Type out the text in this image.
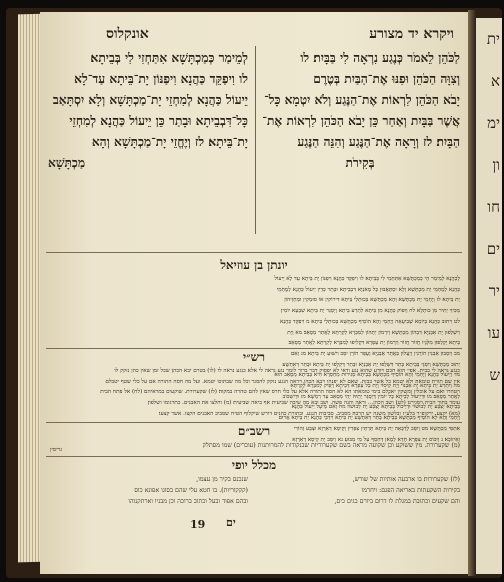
ויקרא יד מצורע
אונקלוס
לַכֹּהֵן לֵאמֹר כְּנֶגַע נִרְאָה לִי בַּבָּיִת׃ לו
וְצִוָּה הַכֹּהֵן וּפִנּוּ אֶת־הַבַּיִת בְּטֶרֶם
יָבֹא הַכֹּהֵן לִרְאוֹת אֶת־הַנֶּגַע וְלֹא יִטְמָא כָּל־
אֲשֶׁר בַּבָּיִת וְאַחַר כֵּן יָבֹא הַכֹּהֵן לִרְאוֹת אֶת־
הַבָּיִת׃ לז וְרָאָה אֶת־הַנֶּגַע וְהִנֵּה הַנֶּגַע
בְּקִירֹת
לְמֵימַר כְּמַכְתָּשָׁא אִתַּחְזִי לִי בְּבֵיתָא׃
לו וִיפַקֵּד כַּהֲנָא וִיפַנּוֹן יָת־בֵּיתָא עַד־לָא
יֵיעוֹל כַּהֲנָא לְמִחְזֵי יָת־מַכְתָּשָׁא וְלָא יִסְתָּאַב
כָּל־דִּבְבֵיתָא וּבָתַר כֵּן יֵיעוֹל כַּהֲנָא לְמִחְזֵי
יָת־בֵּיתָא׃ לז וְיֶחֱזֵי יָת־מַכְתָּשָׁא וְהָא
מַכְתָּשָׁא
יונתן בן עוזיאל
לְכַהֲנָא לְמֵימַר הֵי כְמַכְתָּשָׁא אִתַּחְמֵי לִי בְּבֵיתָא׃ לו וִיפַקֵּד כַּהֲנָא וִיפַנּוֹן יָת בֵּיתָא עַד לָא יֵיעוֹל
כַּהֲנָא לְמֶחְמֵי יָת מַכְתָּשָׁא וְלָא יִסְתָּאֲבוּן כָּל מָאנַיָּא דִּבְבֵיתָא וּבָתַר כְּדֵין יֵיעוֹל כַּהֲנָא לְמֶחְמֵי
יָת בֵּיתָא׃ לז וְיֶחְמֵי יָת מַכְתָּשָׁא וְהָא מַכְתָּשָׁא בְּכוּתְלֵי בֵּיתָא דִּירוֹקִין אוֹ סוּמְקִין וּמַחְזֵיהוֹן
מַכִּיךְ יַתִּיר מִן כּוּתְלָא׃ לח וְיִפּוֹק כַּהֲנָא מִן בֵּיתָא לִתְרַע בֵּיתָא וְיַסְגַּר יָת בֵּיתָא שִׁבְעָא יוֹמִין׃
לט וִיתוּב כַּהֲנָא בְּיוֹמָא שְׁבִיעָאָה וְיֶחְמֵי וְהָא הוֹסֵיף מַכְתָּשָׁא בְּכוּתְלֵי בֵּיתָא׃ מ וִיפַקֵּד כַּהֲנָא
וִישַׁלְפוּן יָת אַבְנַיָּא דִּבְהוֹן מַכְתָּשָׁא וְיִרְמוֹן יַתְהוֹן לְמִבַּרָא לְקַרְתָּא לַאֲתַר מְסָאַב׃ מא וְיָת
בֵּיתָא יְקַלְפוּן מִלְּגָיו חֲזוֹר חֲזוֹר וְיִרְמוֹן יָת עַפְרָא דִּקְלִיפוּ לְמִבַּרָא לְקַרְתָּא לַאֲתַר מְסָאַב׃
מב וְיִסְבוּן אַבְנִין חוֹרָנִין וְיַעֲלוּן בַּאֲתַר אַבְנַיָּא וַעֲפַר חוֹרָן יִסַּב וִישׁוּעַ יָת בֵּיתָא׃ מג וְאִם
יְתוּב מַכְתָּשָׁא וְיִסְגֵּי בְּבֵיתָא בָּתַר דִּשְׁלַפוּ יָת אַבְנַיָּא וּבָתַר דְּקַלְפוּ יָת בֵּיתָא וּבָתַר דְּאִתְשָׁע׃
מד וְיֵיעוֹל כַּהֲנָא וְיֶחְמֵי וְהָא הוֹסֵיף מַכְתָּשָׁא בְּבֵיתָא סְגִירוּת מְחַסְרָא הִיא בְּבֵיתָא מְסָאַב הוּא׃
מה וְיִתְרַע יָת בֵּיתָא יָת אַבְנוֹי וְיָת קֵיסוֹי וְיָת כָּל עַפְרָא דְּבֵיתָא וְיַפֵּיק לְמִבַּרָא לְקַרְתָּא
לַאֲתַר מְסָאַב׃ מו וּדְיֵיעוֹל לְבֵיתָא כָּל יוֹמִין דְּיַסְגַּר יָתֵיהּ יְהֵי מְסָאַב עַד רַמְשָׁא׃ מז וּדְיִשְׁכּוֹב
בְּבֵיתָא יְצַבַּע יָת לְבוּשׁוֹי וּדְיֵיכוֹל בְּבֵיתָא יְצַבַּע יָת לְבוּשׁוֹי׃ מח וְאִם מֵיעָל יֵיעוֹל כַּהֲנָא
וְיֶחְמֵי וְהָא לָא הוֹסֵיף מַכְתָּשָׁא בְּבֵיתָא בָּתַר דְּאִתְשָׁע יָת בֵּיתָא וִידַכֵּי כַּהֲנָא יָת בֵּיתָא אֲרוּם
אִתַּסֵּי מַכְתָּשָׁא׃ מט וְיִסַּב לְדַכָּאָה יָת בֵּיתָא תַּרְתֵּין צִפְּרִין וְקֵיסָא דְאַרְזָא וּצְבַע זְהוֹרִי
וְאֵיזוֹבָא׃ נ וְיִכּוֹס יָת צִפְּרָא חֲדָא לְמָאן דְּחַסַף עַל מֵי מַבּוּעַ׃ נא וְיִסַּב יָת קֵיסָא דְאַרְזָא
גריסין
רש״י
כנגע נראה לי בבית. אפי׳ הוא חכם ויודע שהוא נגע ודאי לא יפסוק דבר ברור לומר נגע נראה לי אלא כנגע נראה לי׃ (לו) בטרם יבא הכהן׃ שכל זמן שאין כהן נזקק לו
אין שם תורת טומאה׃ ולא יטמא כל אשר בבית. שאם לא יפנהו ויבא הכהן ויראה הנגע נזקק להסגר וכל מה שבתוכו יטמא. ועל מה חסה התורה אם על כלי שטף יטבלם
ויטהרו ואם על אוכלין ומשקין יאכלם בימי טומאתו הא לא חסה התורה אלא על כלי חרס שאין להם טהרה במקוה׃ (לז) שקערורת. שוקעים במראיהם׃ (לח) אל פתח הבית
עומד בתוך הבית ויסגירנו׃ (לט) ושב הכהן... וראה והנה פשה. ושב ובא מה שיבה שביעית אף ביאה שביעית׃ (מ) וחלצו את האבנים. כתרגומו ושלפון׃
(מא) יקצע. ירקופ״ר בלע״ז ובלשון משנה יש הרבה׃ מסביב. סביבות הנגע. ובתורת כהנים דורש שיקלוף הטיח שסביב האבנים׃ הקצו. אשר קצעו׃
רשב״ם
(מ) שקערורת. מין ששוקע וכן שקועה מראה בשם שקערוריות שבנקודות להמרותנות (עוכרים) שמו מסתלק
מכלל יופי
(לז) שקערורות׃ בו ארבעה אותיות של שורש,
בקירות השקעתות באריאה הפגם: ויחרמו
והם שקעים וכתובת במגלת לו דרום ביורם בגים כים,
שנכנס בקיר מן עצמו,
(קקקוריות). בו חטא עלי שהם בסוגו אפונא כוס
ובהם אפוד ובעל וכתוב ברוכה וכן מבניו וארתקנוהו
19 ים
ית
א
ימ
ון
חו
ים
יר
עו
ש
